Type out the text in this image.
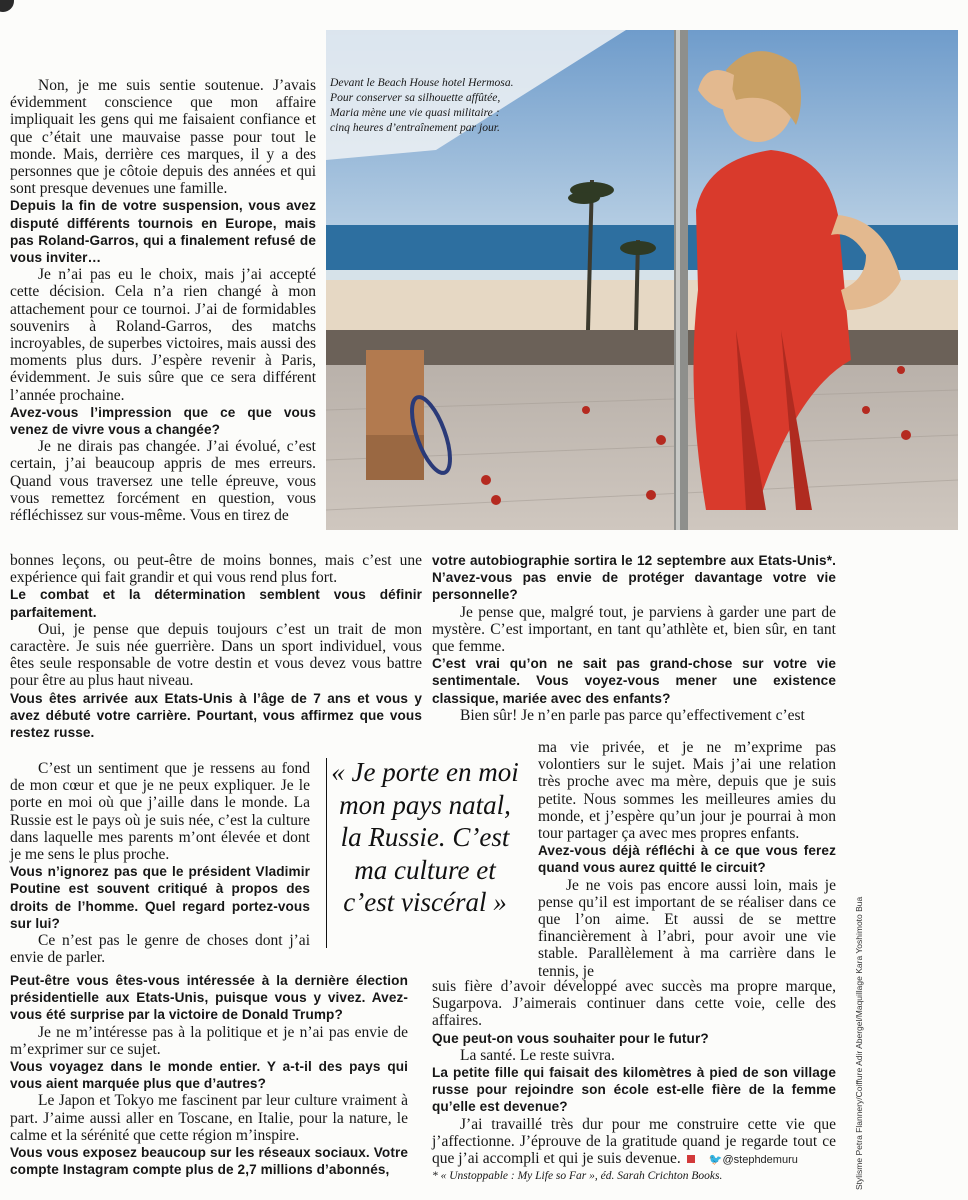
Devant le Beach House hotel Hermosa.
Pour conserver sa silhouette affûtée,
Maria mène une vie quasi militaire :
cinq heures d’entraînement par jour.

Non, je me suis sentie soutenue. J’avais évidemment conscience que mon affaire impliquait les gens qui me faisaient confiance et que c’était une mauvaise passe pour tout le monde. Mais, derrière ces marques, il y a des personnes que je côtoie depuis des années et qui sont presque devenues une famille.

Depuis la fin de votre suspension, vous avez disputé différents tournois en Europe, mais pas Roland-Garros, qui a finalement refusé de vous inviter…

Je n’ai pas eu le choix, mais j’ai accepté cette décision. Cela n’a rien changé à mon attachement pour ce tournoi. J’ai de formidables souvenirs à Roland-Garros, des matchs incroyables, de superbes victoires, mais aussi des moments plus durs. J’espère revenir à Paris, évidemment. Je suis sûre que ce sera différent l’année prochaine.

Avez-vous l’impression que ce que vous venez de vivre vous a changée?

Je ne dirais pas changée. J’ai évolué, c’est certain, j’ai beaucoup appris de mes erreurs. Quand vous traversez une telle épreuve, vous vous remettez forcément en question, vous réfléchissez sur vous-même. Vous en tirez de

bonnes leçons, ou peut-être de moins bonnes, mais c’est une expérience qui fait grandir et qui vous rend plus fort.

Le combat et la détermination semblent vous définir parfaitement.

Oui, je pense que depuis toujours c’est un trait de mon caractère. Je suis née guerrière. Dans un sport individuel, vous êtes seule responsable de votre destin et vous devez vous battre pour être au plus haut niveau.

Vous êtes arrivée aux Etats-Unis à l’âge de 7 ans et vous y avez débuté votre carrière. Pourtant, vous affirmez que vous restez russe.

C’est un sentiment que je ressens au fond de mon cœur et que je ne peux expliquer. Je le porte en moi où que j’aille dans le monde. La Russie est le pays où je suis née, c’est la culture dans laquelle mes parents m’ont élevée et dont je me sens le plus proche.

Vous n’ignorez pas que le président Vladimir Poutine est souvent critiqué à propos des droits de l’homme. Quel regard portez-vous sur lui?

Ce n’est pas le genre de choses dont j’ai envie de parler.

Peut-être vous êtes-vous intéressée à la dernière élection présidentielle aux Etats-Unis, puisque vous y vivez. Avez-vous été surprise par la victoire de Donald Trump?

Je ne m’intéresse pas à la politique et je n’ai pas envie de m’exprimer sur ce sujet.

Vous voyagez dans le monde entier. Y a-t-il des pays qui vous aient marquée plus que d’autres?

Le Japon et Tokyo me fascinent par leur culture vraiment à part. J’aime aussi aller en Toscane, en Italie, pour la nature, le calme et la sérénité que cette région m’inspire.

Vous vous exposez beaucoup sur les réseaux sociaux. Votre compte Instagram compte plus de 2,7 millions d’abonnés,

« Je porte en moi mon pays natal, la Russie. C’est ma culture et c’est viscéral »

votre autobiographie sortira le 12 septembre aux Etats-Unis*. N’avez-vous pas envie de protéger davantage votre vie personnelle?

Je pense que, malgré tout, je parviens à garder une part de mystère. C’est important, en tant qu’athlète et, bien sûr, en tant que femme.

C’est vrai qu’on ne sait pas grand-chose sur votre vie sentimentale. Vous voyez-vous mener une existence classique, mariée avec des enfants?

Bien sûr! Je n’en parle pas parce qu’effectivement c’est

ma vie privée, et je ne m’exprime pas volontiers sur le sujet. Mais j’ai une relation très proche avec ma mère, depuis que je suis petite. Nous sommes les meilleures amies du monde, et j’espère qu’un jour je pourrai à mon tour partager ça avec mes propres enfants.

Avez-vous déjà réfléchi à ce que vous ferez quand vous aurez quitté le circuit?

Je ne vois pas encore aussi loin, mais je pense qu’il est important de se réaliser dans ce que l’on aime. Et aussi de se mettre financièrement à l’abri, pour avoir une vie stable. Parallèlement à ma carrière dans le tennis, je

suis fière d’avoir développé avec succès ma propre marque, Sugarpova. J’aimerais continuer dans cette voie, celle des affaires.

Que peut-on vous souhaiter pour le futur?

La santé. Le reste suivra.

La petite fille qui faisait des kilomètres à pied de son village russe pour rejoindre son école est-elle fière de la femme qu’elle est devenue?

J’ai travaillé très dur pour me construire cette vie que j’affectionne. J’éprouve de la gratitude quand je regarde tout ce que j’ai accompli et qui je suis devenue.	🐦@stephdemuru

* « Unstoppable : My Life so Far », éd. Sarah Crichton Books.	Stylisme Petra Flannery/Coiffure Adir Abergel/Maquillage Kara Yoshimoto Bua
